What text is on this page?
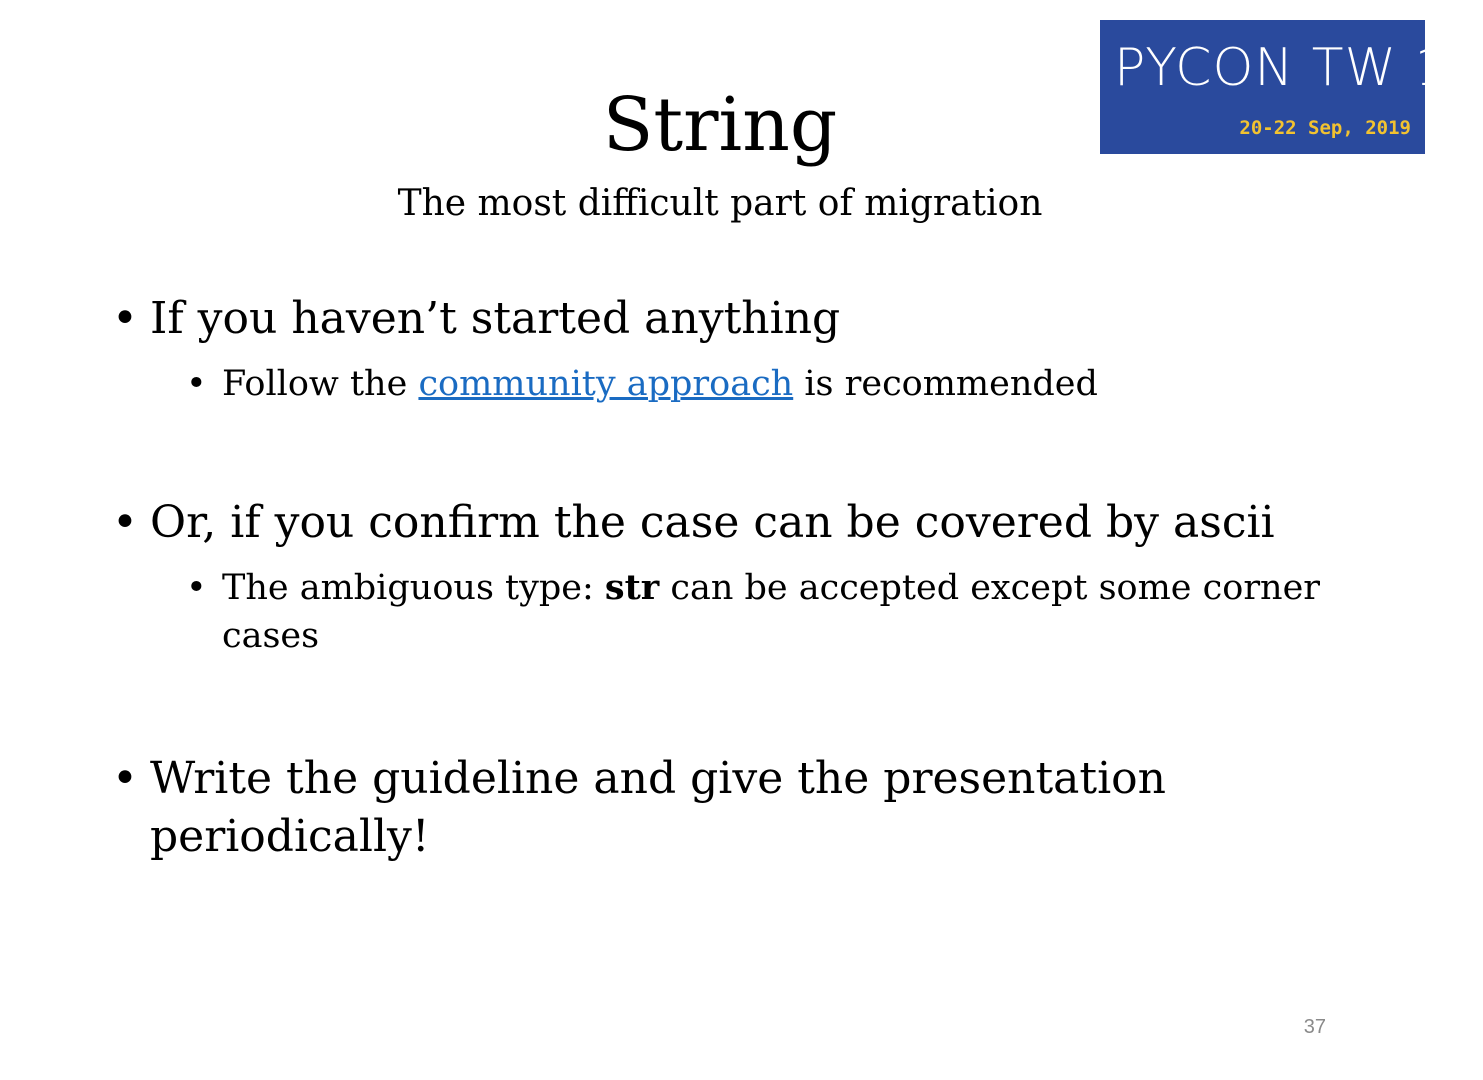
PYCON TW 19
20-22 Sep, 2019
String
The most difficult part of migration
• If you haven’t started anything
• Follow the community approach is recommended
• Or, if you confirm the case can be covered by ascii
• The ambiguous type: str can be accepted except some corner cases
• Write the guideline and give the presentation periodically!
37
